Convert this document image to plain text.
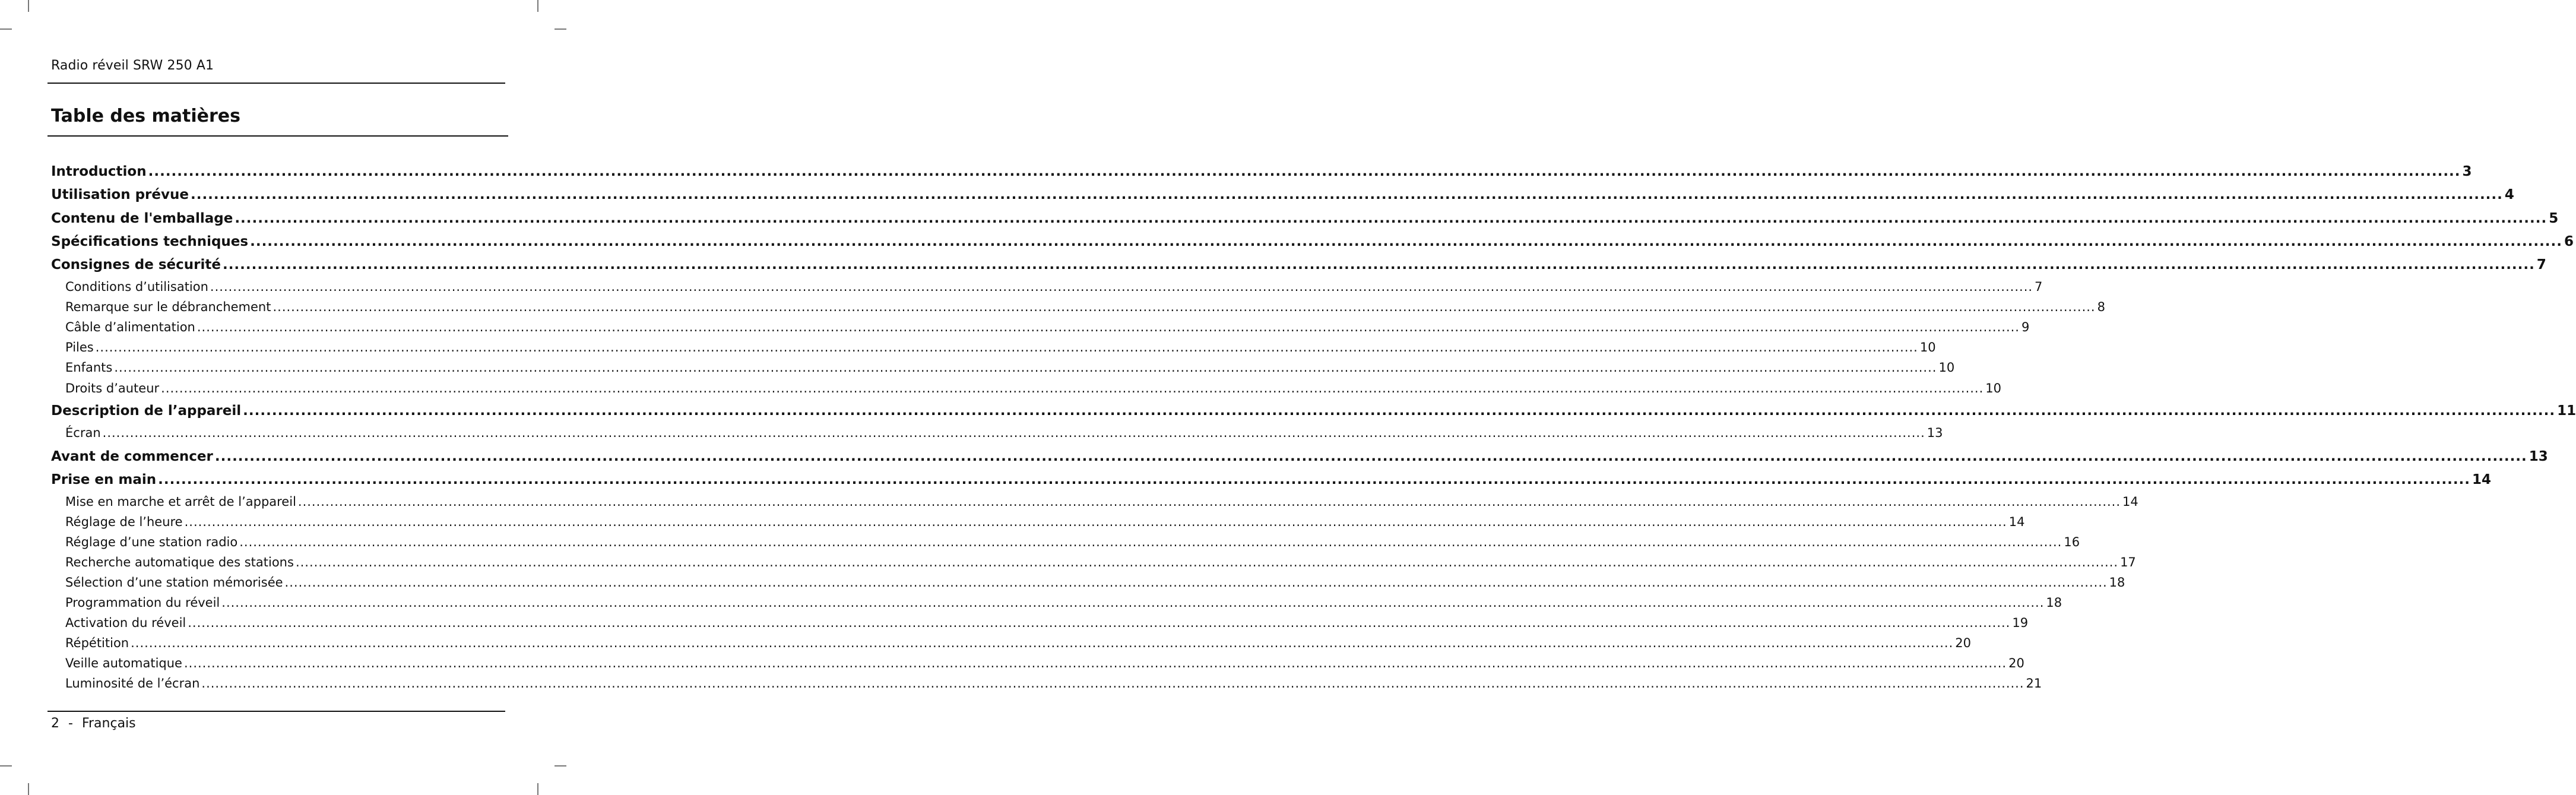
Radio réveil SRW 250 A1
Table des matières
Introduction ................................................................................................................................................................................................................................................................................................................................................................................................................ 3
Utilisation prévue ................................................................................................................................................................................................................................................................................................................................................................................................................ 4
Contenu de l'emballage ................................................................................................................................................................................................................................................................................................................................................................................................................ 5
Spécifications techniques ................................................................................................................................................................................................................................................................................................................................................................................................................ 6
Consignes de sécurité ................................................................................................................................................................................................................................................................................................................................................................................................................ 7
Conditions d’utilisation ................................................................................................................................................................................................................................................................................................................................................................................................................ 7
Remarque sur le débranchement ................................................................................................................................................................................................................................................................................................................................................................................................................ 8
Câble d’alimentation ................................................................................................................................................................................................................................................................................................................................................................................................................ 9
Piles ................................................................................................................................................................................................................................................................................................................................................................................................................ 10
Enfants ................................................................................................................................................................................................................................................................................................................................................................................................................ 10
Droits d’auteur ................................................................................................................................................................................................................................................................................................................................................................................................................ 10
Description de l’appareil ................................................................................................................................................................................................................................................................................................................................................................................................................ 11
Écran ................................................................................................................................................................................................................................................................................................................................................................................................................ 13
Avant de commencer ................................................................................................................................................................................................................................................................................................................................................................................................................ 13
Prise en main ................................................................................................................................................................................................................................................................................................................................................................................................................ 14
Mise en marche et arrêt de l’appareil ................................................................................................................................................................................................................................................................................................................................................................................................................ 14
Réglage de l’heure ................................................................................................................................................................................................................................................................................................................................................................................................................ 14
Réglage d’une station radio ................................................................................................................................................................................................................................................................................................................................................................................................................ 16
Recherche automatique des stations ................................................................................................................................................................................................................................................................................................................................................................................................................ 17
Sélection d’une station mémorisée ................................................................................................................................................................................................................................................................................................................................................................................................................ 18
Programmation du réveil ................................................................................................................................................................................................................................................................................................................................................................................................................ 18
Activation du réveil ................................................................................................................................................................................................................................................................................................................................................................................................................ 19
Répétition ................................................................................................................................................................................................................................................................................................................................................................................................................ 20
Veille automatique ................................................................................................................................................................................................................................................................................................................................................................................................................ 20
Luminosité de l’écran ................................................................................................................................................................................................................................................................................................................................................................................................................ 21
2 - Français
